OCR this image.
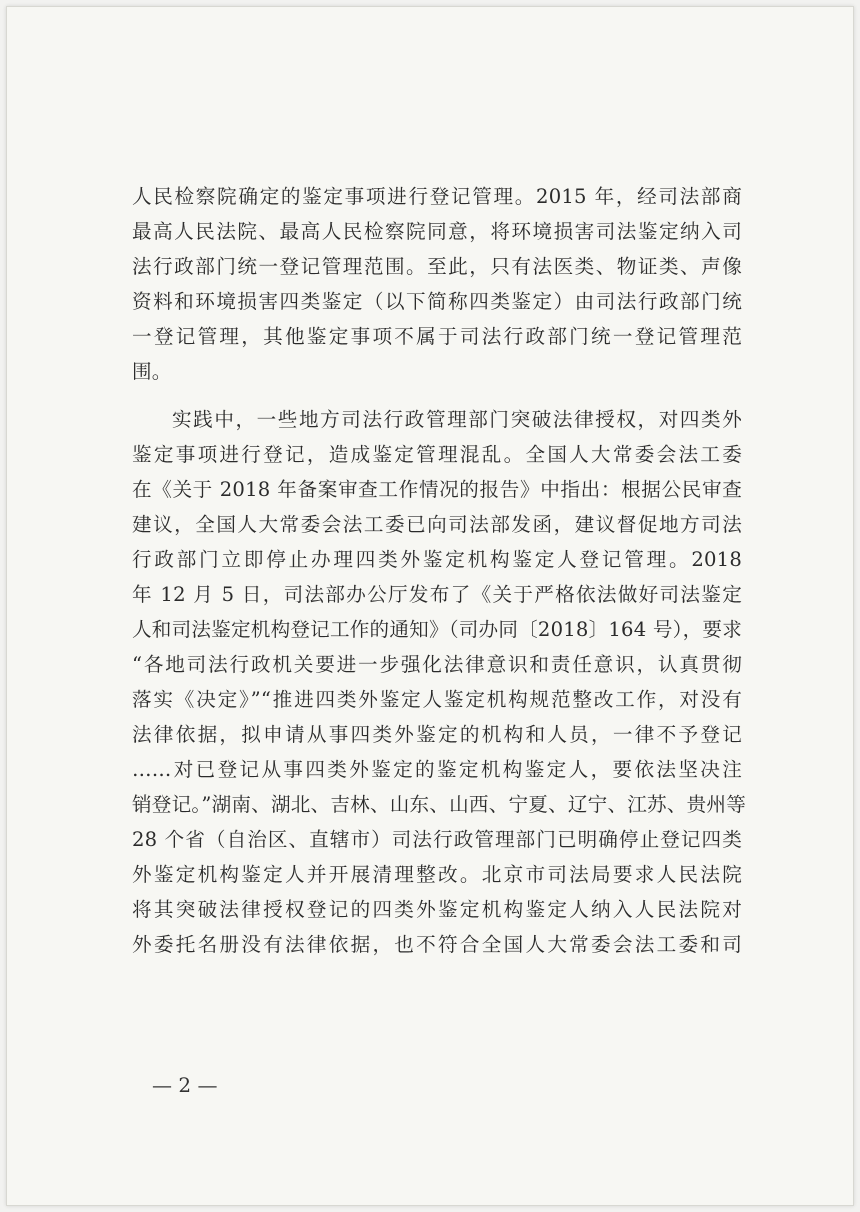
人民检察院确定的鉴定事项进行登记管理。2015 年，经司法部商
最高人民法院、最高人民检察院同意，将环境损害司法鉴定纳入司
法行政部门统一登记管理范围。至此，只有法医类、物证类、声像
资料和环境损害四类鉴定（以下简称四类鉴定）由司法行政部门统
一登记管理，其他鉴定事项不属于司法行政部门统一登记管理范
围。
实践中，一些地方司法行政管理部门突破法律授权，对四类外
鉴定事项进行登记，造成鉴定管理混乱。全国人大常委会法工委
在《关于 2018 年备案审查工作情况的报告》中指出：根据公民审查
建议，全国人大常委会法工委已向司法部发函，建议督促地方司法
行政部门立即停止办理四类外鉴定机构鉴定人登记管理。2018
年 12 月 5 日，司法部办公厅发布了《关于严格依法做好司法鉴定
人和司法鉴定机构登记工作的通知》（司办同〔2018〕164 号），要求
“各地司法行政机关要进一步强化法律意识和责任意识，认真贯彻
落实《决定》”“推进四类外鉴定人鉴定机构规范整改工作，对没有
法律依据，拟申请从事四类外鉴定的机构和人员，一律不予登记
……对已登记从事四类外鉴定的鉴定机构鉴定人，要依法坚决注
销登记。”湖南、湖北、吉林、山东、山西、宁夏、辽宁、江苏、贵州等
28 个省（自治区、直辖市）司法行政管理部门已明确停止登记四类
外鉴定机构鉴定人并开展清理整改。北京市司法局要求人民法院
将其突破法律授权登记的四类外鉴定机构鉴定人纳入人民法院对
外委托名册没有法律依据，也不符合全国人大常委会法工委和司
— 2 —
